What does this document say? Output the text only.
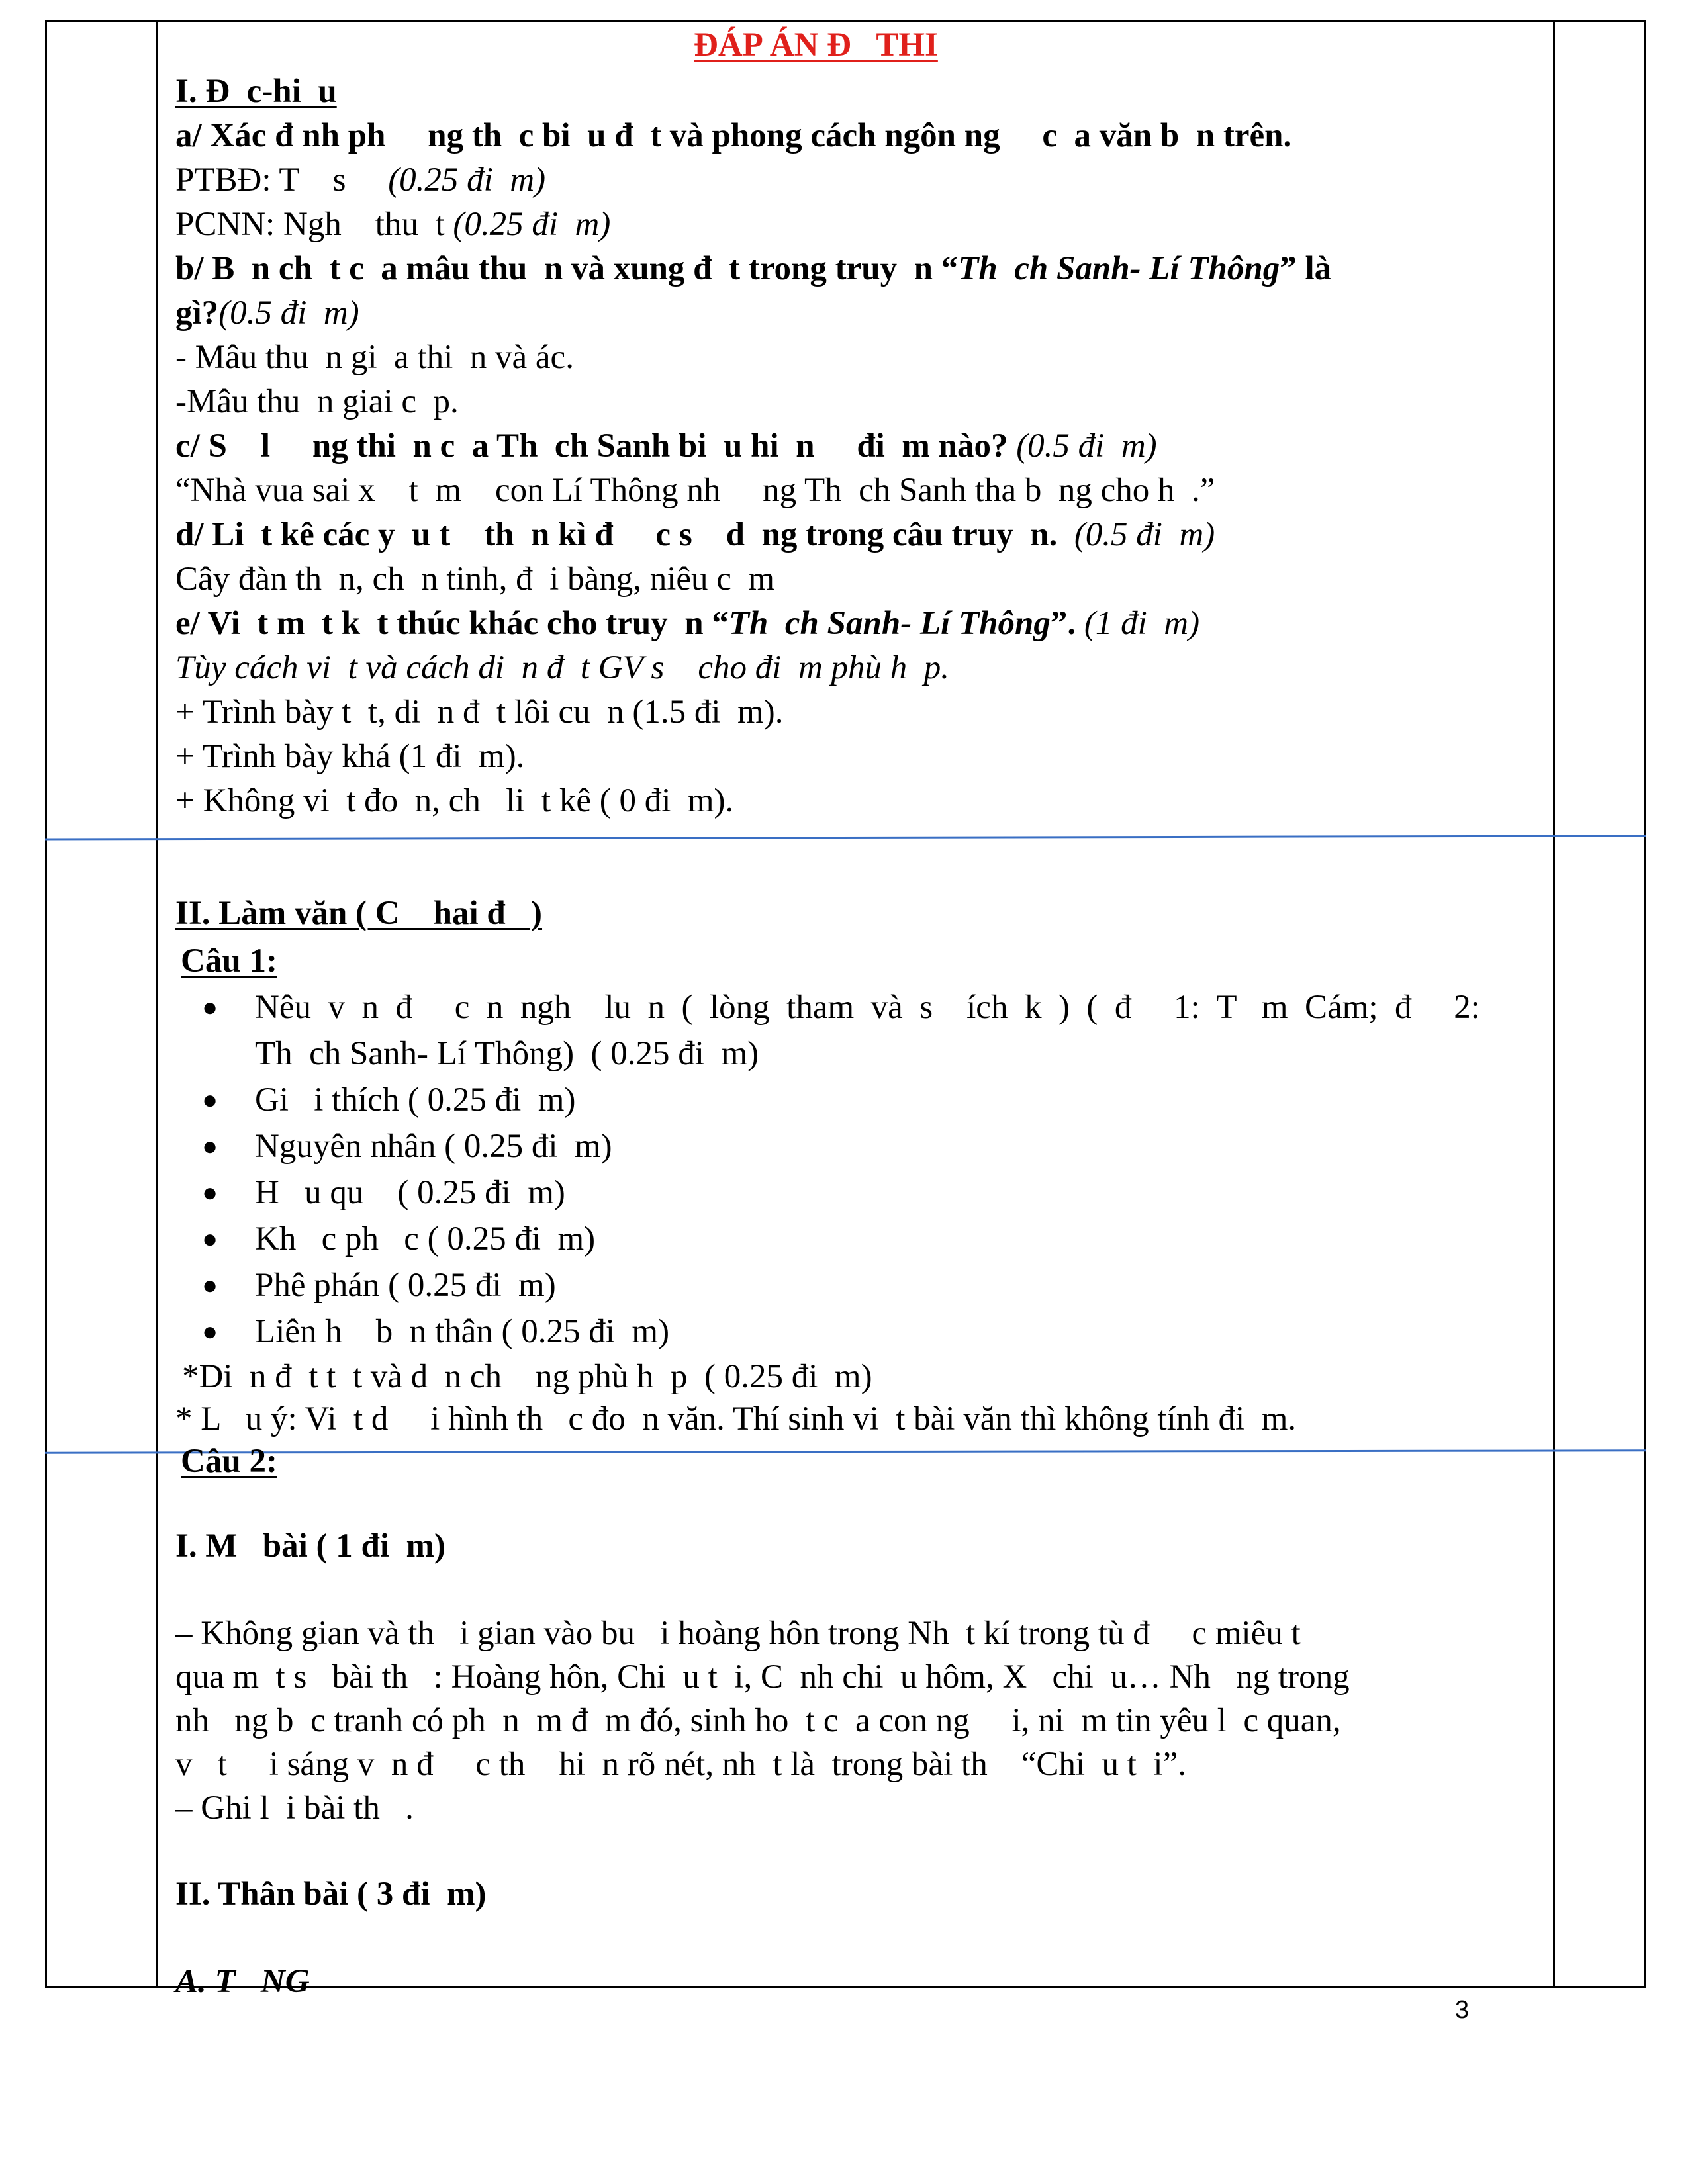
ĐÁP ÁN Đ   THI
I. Đ  c-hi  u
a/ Xác đ nh ph     ng th  c bi  u đ  t và phong cách ngôn ng     c  a văn b  n trên.
PTBĐ: T    s (0.25 đi  m)
PCNN: Ngh    thu  t (0.25 đi  m)
b/ B  n ch  t c  a mâu thu  n và xung đ  t trong truy  n “Th  ch Sanh- Lí Thông” là
gì?(0.5 đi  m)
- Mâu thu  n gi  a thi  n và ác.
-Mâu thu  n giai c  p.
c/ S    l     ng thi  n c  a Th  ch Sanh bi  u hi  n     đi  m nào? (0.5 đi  m)
“Nhà vua sai x    t  m    con Lí Thông nh     ng Th  ch Sanh tha b  ng cho h  .”
d/ Li  t kê các y  u t    th  n kì đ     c s    d  ng trong câu truy  n. (0.5 đi  m)
Cây đàn th  n, ch  n tinh, đ  i bàng, niêu c  m
e/ Vi  t m  t k  t thúc khác cho truy  n “Th  ch Sanh- Lí Thông”. (1 đi  m)
Tùy cách vi  t và cách di  n đ  t GV s    cho đi  m phù h  p.
+ Trình bày t  t, di  n đ  t lôi cu  n (1.5 đi  m).
+ Trình bày khá (1 đi  m).
+ Không vi  t đo  n, ch   li  t kê ( 0 đi  m).
II. Làm văn ( C    hai đ   )
Câu 1:
● Nêu  v  n  đ     c  n  ngh    lu  n  (  lòng  tham  và  s    ích  k  )  (  đ     1:  T   m  Cám;  đ     2:
Th  ch Sanh- Lí Thông)  ( 0.25 đi  m)
● Gi   i thích ( 0.25 đi  m)
● Nguyên nhân ( 0.25 đi  m)
● H   u qu    ( 0.25 đi  m)
● Kh   c ph   c ( 0.25 đi  m)
● Phê phán ( 0.25 đi  m)
● Liên h    b  n thân ( 0.25 đi  m)
*Di  n đ  t t  t và d  n ch    ng phù h  p  ( 0.25 đi  m)
* L   u ý: Vi  t d     i hình th   c đo  n văn. Thí sinh vi  t bài văn thì không tính đi  m.
Câu 2:
I. M   bài ( 1 đi  m)
– Không gian và th   i gian vào bu   i hoàng hôn trong Nh  t kí trong tù đ     c miêu t
qua m  t s   bài th   : Hoàng hôn, Chi  u t  i, C  nh chi  u hôm, X   chi  u… Nh   ng trong
nh   ng b  c tranh có ph  n  m đ  m đó, sinh ho  t c  a con ng     i, ni  m tin yêu l  c quan,
v   t     i sáng v  n đ     c th    hi  n rõ nét, nh  t là  trong bài th    “Chi  u t  i”.
– Ghi l  i bài th   .
II. Thân bài ( 3 đi  m)
A. T   NG
3
